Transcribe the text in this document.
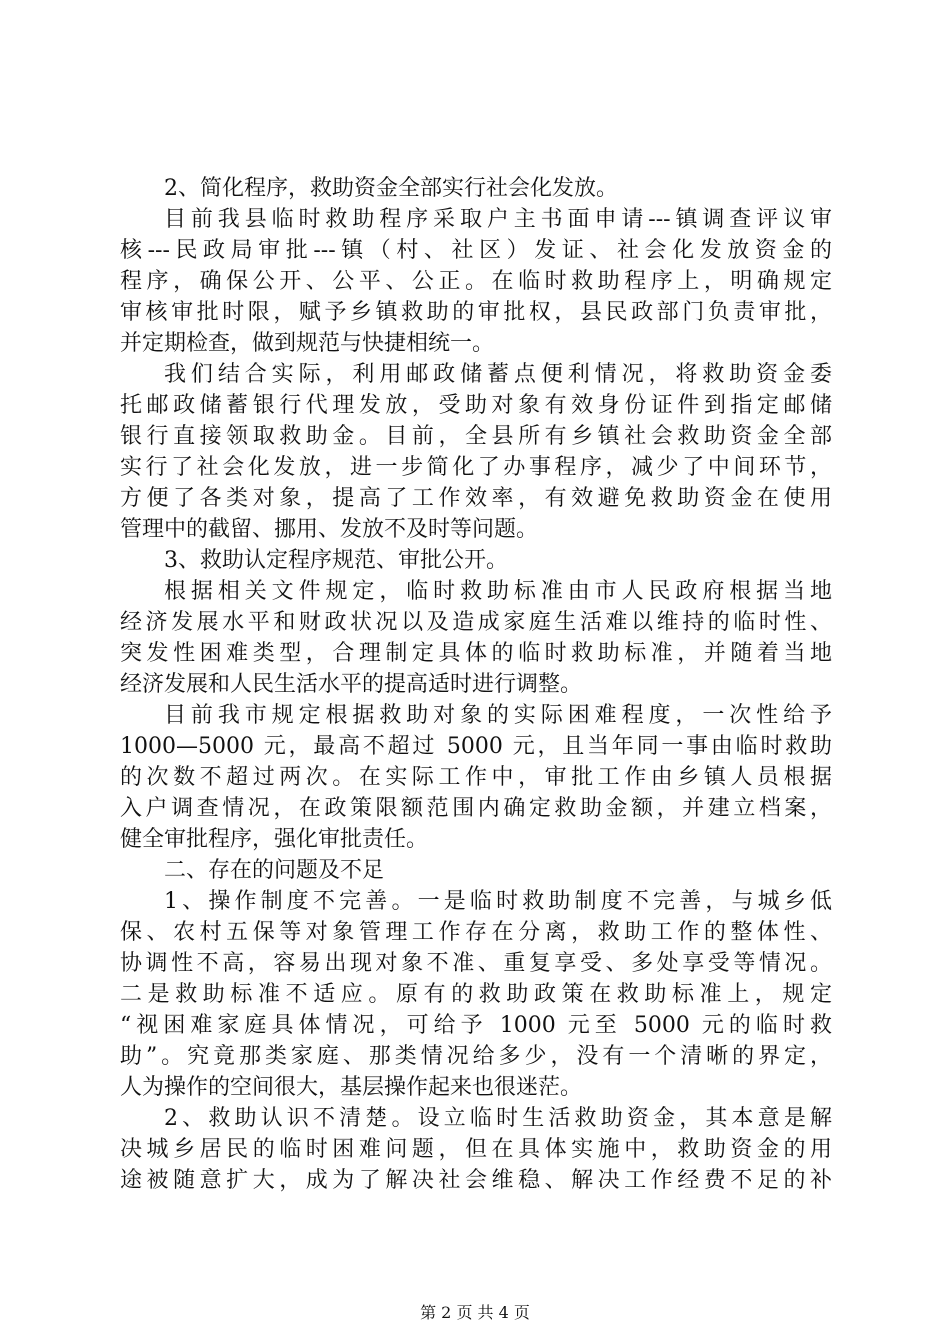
2、简化程序，救助资金全部实行社会化发放。
目前我县临时救助程序采取户主书面申请---镇调查评议审
核---民政局审批---镇（村、社区）发证、社会化发放资金的
程序，确保公开、公平、公正。在临时救助程序上，明确规定
审核审批时限，赋予乡镇救助的审批权，县民政部门负责审批，
并定期检查，做到规范与快捷相统一。
我们结合实际，利用邮政储蓄点便利情况，将救助资金委
托邮政储蓄银行代理发放，受助对象有效身份证件到指定邮储
银行直接领取救助金。目前，全县所有乡镇社会救助资金全部
实行了社会化发放，进一步简化了办事程序，减少了中间环节，
方便了各类对象，提高了工作效率，有效避免救助资金在使用
管理中的截留、挪用、发放不及时等问题。
3、救助认定程序规范、审批公开。
根据相关文件规定，临时救助标准由市人民政府根据当地
经济发展水平和财政状况以及造成家庭生活难以维持的临时性、
突发性困难类型，合理制定具体的临时救助标准，并随着当地
经济发展和人民生活水平的提高适时进行调整。
目前我市规定根据救助对象的实际困难程度，一次性给予
1000—5000 元，最高不超过 5000 元，且当年同一事由临时救助
的次数不超过两次。在实际工作中，审批工作由乡镇人员根据
入户调查情况，在政策限额范围内确定救助金额，并建立档案，
健全审批程序，强化审批责任。
二、存在的问题及不足
1、操作制度不完善。一是临时救助制度不完善，与城乡低
保、农村五保等对象管理工作存在分离，救助工作的整体性、
协调性不高，容易出现对象不准、重复享受、多处享受等情况。
二是救助标准不适应。原有的救助政策在救助标准上，规定
“视困难家庭具体情况，可给予 1000 元至 5000 元的临时救
助”。究竟那类家庭、那类情况给多少，没有一个清晰的界定，
人为操作的空间很大，基层操作起来也很迷茫。
2、救助认识不清楚。设立临时生活救助资金，其本意是解
决城乡居民的临时困难问题，但在具体实施中，救助资金的用
途被随意扩大，成为了解决社会维稳、解决工作经费不足的补
第 2 页 共 4 页
